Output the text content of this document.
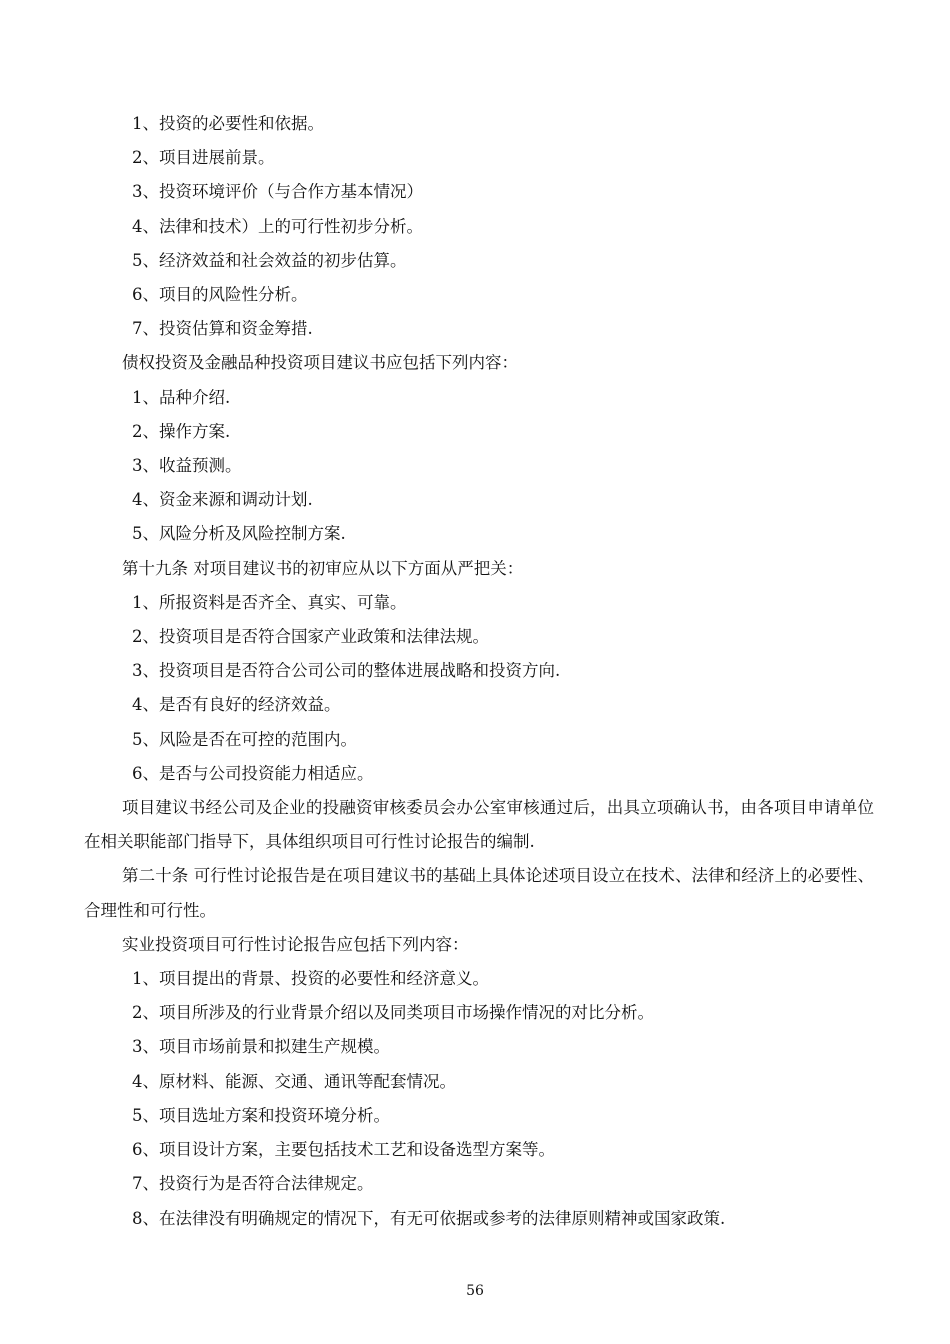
1、投资的必要性和依据。

2、项目进展前景。

3、投资环境评价（与合作方基本情况）

4、法律和技术）上的可行性初步分析。

5、经济效益和社会效益的初步估算。

6、项目的风险性分析。

7、投资估算和资金筹措.

债权投资及金融品种投资项目建议书应包括下列内容：

1、品种介绍.

2、操作方案.

3、收益预测。

4、资金来源和调动计划.

5、风险分析及风险控制方案.

第十九条 对项目建议书的初审应从以下方面从严把关：

1、所报资料是否齐全、真实、可靠。

2、投资项目是否符合国家产业政策和法律法规。

3、投资项目是否符合公司公司的整体进展战略和投资方向.

4、是否有良好的经济效益。

5、风险是否在可控的范围内。

6、是否与公司投资能力相适应。

项目建议书经公司及企业的投融资审核委员会办公室审核通过后，出具立项确认书，由各项目申请单位在相关职能部门指导下，具体组织项目可行性讨论报告的编制.

第二十条 可行性讨论报告是在项目建议书的基础上具体论述项目设立在技术、法律和经济上的必要性、合理性和可行性。

实业投资项目可行性讨论报告应包括下列内容：

1、项目提出的背景、投资的必要性和经济意义。

2、项目所涉及的行业背景介绍以及同类项目市场操作情况的对比分析。

3、项目市场前景和拟建生产规模。

4、原材料、能源、交通、通讯等配套情况。

5、项目选址方案和投资环境分析。

6、项目设计方案，主要包括技术工艺和设备选型方案等。

7、投资行为是否符合法律规定。

8、在法律没有明确规定的情况下，有无可依据或参考的法律原则精神或国家政策.

56
